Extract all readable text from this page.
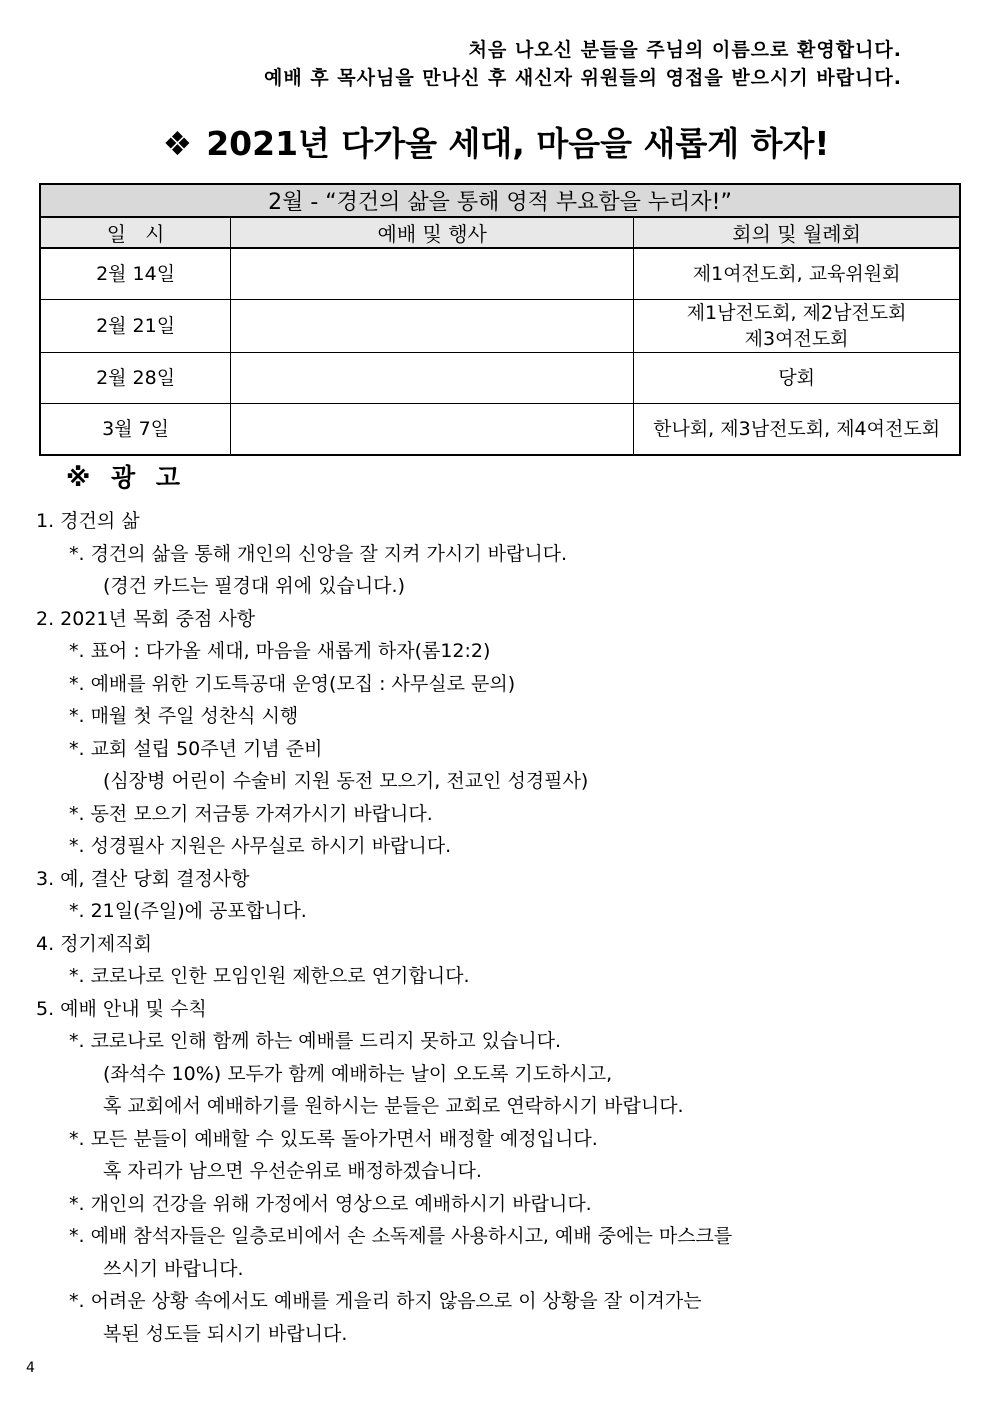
처음 나오신 분들을 주님의 이름으로 환영합니다.
예배 후 목사님을 만나신 후 새신자 위원들의 영접을 받으시기 바랍니다.
❖ 2021년 다가올 세대, 마음을 새롭게 하자!
2월 - “경건의 삶을 통해 영적 부요함을 누리자!”		
일   시	예배 및 행사	회의 및 월례회
2월 14일		제1여전도회, 교육위원회

2월 21일		제1남전도회, 제2남전도회
제3여전도회

2월 28일		당회

3월 7일		한나회, 제3남전도회, 제4여전도회
※ 광 고
1. 경건의 삶
*. 경건의 삶을 통해 개인의 신앙을 잘 지켜 가시기 바랍니다.
(경건 카드는 필경대 위에 있습니다.)
2. 2021년 목회 중점 사항
*. 표어 : 다가올 세대, 마음을 새롭게 하자(롬12:2)
*. 예배를 위한 기도특공대 운영(모집 : 사무실로 문의)
*. 매월 첫 주일 성찬식 시행
*. 교회 설립 50주년 기념 준비
(심장병 어린이 수술비 지원 동전 모으기, 전교인 성경필사)
*. 동전 모으기 저금통 가져가시기 바랍니다.
*. 성경필사 지원은 사무실로 하시기 바랍니다.
3. 예, 결산 당회 결정사항
*. 21일(주일)에 공포합니다.
4. 정기제직회
*. 코로나로 인한 모임인원 제한으로 연기합니다.
5. 예배 안내 및 수칙
*. 코로나로 인해 함께 하는 예배를 드리지 못하고 있습니다.
(좌석수 10%) 모두가 함께 예배하는 날이 오도록 기도하시고,
혹 교회에서 예배하기를 원하시는 분들은 교회로 연락하시기 바랍니다.
*. 모든 분들이 예배할 수 있도록 돌아가면서 배정할 예정입니다.
혹 자리가 남으면 우선순위로 배정하겠습니다.
*. 개인의 건강을 위해 가정에서 영상으로 예배하시기 바랍니다.
*. 예배 참석자들은 일층로비에서 손 소독제를 사용하시고, 예배 중에는 마스크를
쓰시기 바랍니다.
*. 어려운 상황 속에서도 예배를 게을리 하지 않음으로 이 상황을 잘 이겨가는
복된 성도들 되시기 바랍니다.
4
